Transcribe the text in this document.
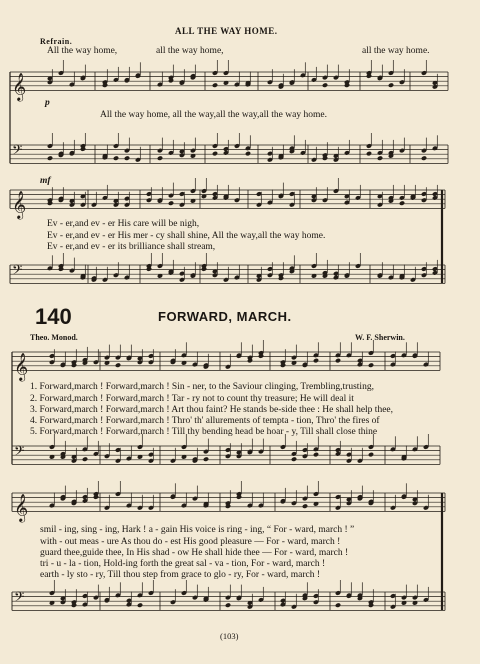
𝄞
𝄢
𝄞
𝄢
𝄞
𝄢
𝄞
𝄢
ALL THE WAY HOME.
Refrain.
All the way home,	all the way home,	all the way home.
p
All the way home, all the way,all the way,all the way home.
mf
Ev - er,and ev - er His care will be nigh,
Ev - er,and ev - er His mer - cy shall shine, All the way,all the way home.
Ev - er,and ev - er its brilliance shall stream,
140	FORWARD, MARCH.
Theo. Monod.	W. F. Sherwin.
1. Forward,march ! Forward,march ! Sin - ner, to the Saviour clinging, Trembling,trusting,
2. Forward,march ! Forward,march ! Tar - ry not to count thy treasure; He will deal it
3. Forward,march ! Forward,march ! Art thou faint? He stands be-side thee : He shall help thee,
4. Forward,march ! Forward,march ! Thro' th' allurements of tempta - tion, Thro' the fires of
5. Forward,march ! Forward,march ! Till thy bending head be hoar - y, Till shall close thine
smil - ing, sing - ing, Hark ! a - gain His voice is ring - ing, “ For - ward, march ! ”
with - out meas - ure As thou do - est His good pleasure — For - ward, march !
guard thee,guide thee, In His shad - ow He shall hide thee — For - ward, march !
tri - u - la - tion, Hold-ing forth the great sal - va - tion, For - ward, march !
earth - ly sto - ry, Till thou step from grace to glo - ry, For - ward, march !
(103)
